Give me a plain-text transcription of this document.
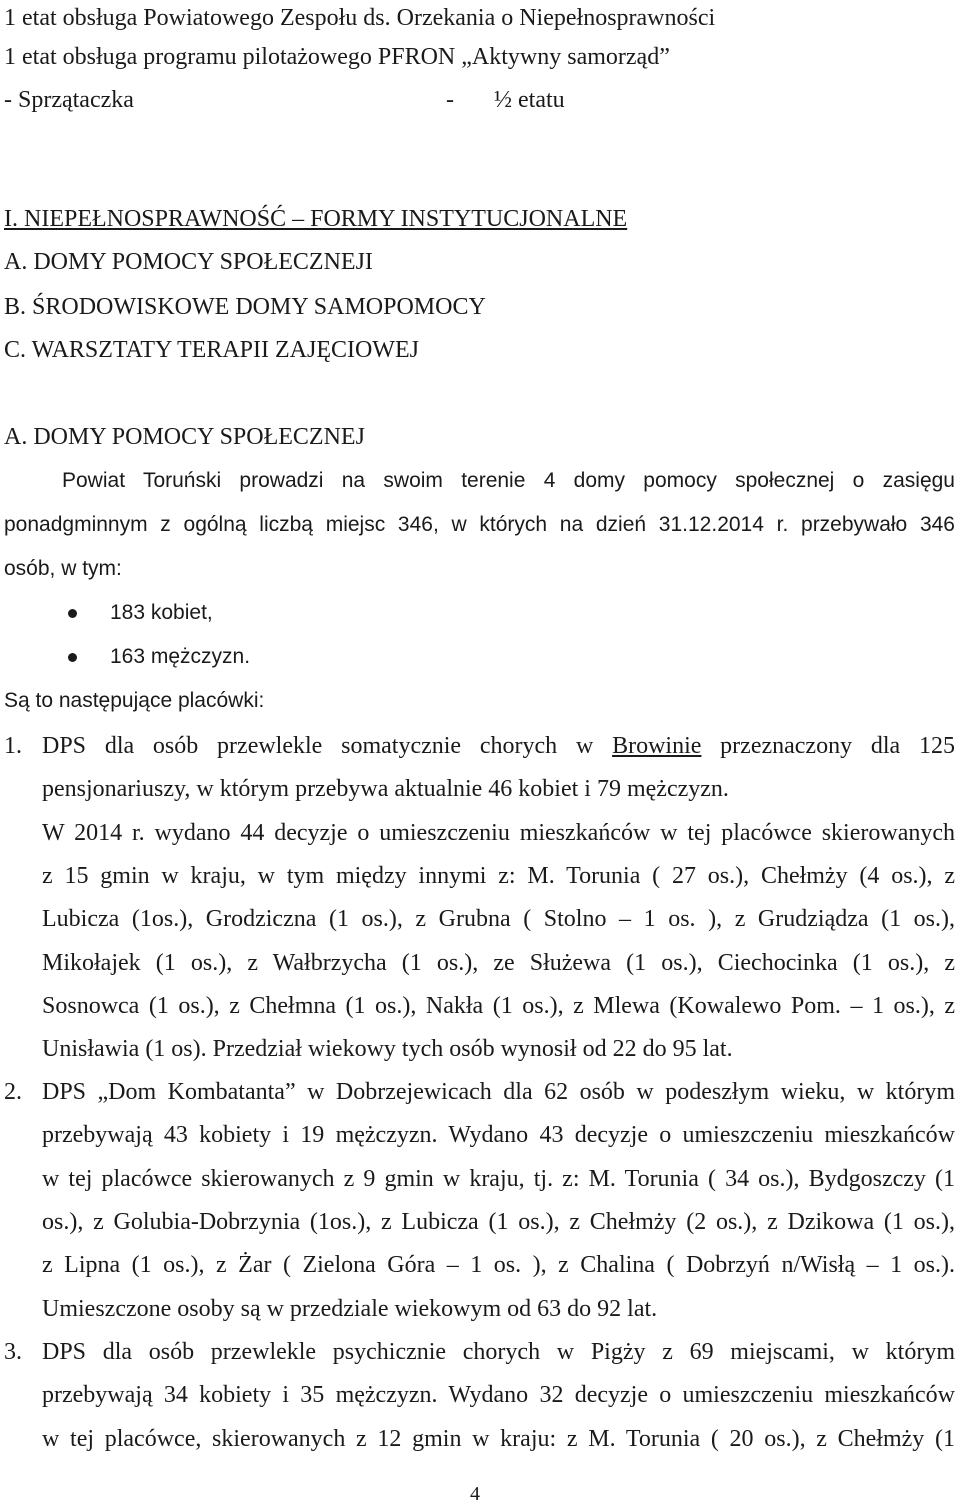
1 etat obsługa Powiatowego Zespołu ds. Orzekania o Niepełnosprawności
1 etat obsługa programu pilotażowego PFRON „Aktywny samorząd”
- Sprzątaczka	- ½ etatu
I. NIEPEŁNOSPRAWNOŚĆ – FORMY INSTYTUCJONALNE
A. DOMY POMOCY SPOŁECZNEJI
B. ŚRODOWISKOWE DOMY SAMOPOMOCY
C. WARSZTATY TERAPII ZAJĘCIOWEJ
A. DOMY POMOCY SPOŁECZNEJ
Powiat Toruński prowadzi na swoim terenie 4 domy pomocy społecznej o zasięgu
ponadgminnym z ogólną liczbą miejsc 346, w których na dzień 31.12.2014 r. przebywało 346
osób, w tym:
183 kobiet,
163 mężczyzn.
Są to następujące placówki:
1. DPS dla osób przewlekle somatycznie chorych w Browinie przeznaczony dla 125
pensjonariuszy, w którym przebywa aktualnie 46 kobiet i 79 mężczyzn.
W 2014 r. wydano 44 decyzje o umieszczeniu mieszkańców w tej placówce skierowanych
z 15 gmin w kraju, w tym między innymi z: M. Torunia ( 27 os.), Chełmży (4 os.), z
Lubicza (1os.), Grodziczna (1 os.), z Grubna ( Stolno – 1 os. ), z Grudziądza (1 os.),
Mikołajek (1 os.), z Wałbrzycha (1 os.), ze Służewa (1 os.), Ciechocinka (1 os.), z
Sosnowca (1 os.), z Chełmna (1 os.), Nakła (1 os.), z Mlewa (Kowalewo Pom. – 1 os.), z
Unisławia (1 os). Przedział wiekowy tych osób wynosił od 22 do 95 lat.
2. DPS „Dom Kombatanta” w Dobrzejewicach dla 62 osób w podeszłym wieku, w którym
przebywają 43 kobiety i 19 mężczyzn. Wydano 43 decyzje o umieszczeniu mieszkańców
w tej placówce skierowanych z 9 gmin w kraju, tj. z: M. Torunia ( 34 os.), Bydgoszczy (1
os.), z Golubia-Dobrzynia (1os.), z Lubicza (1 os.), z Chełmży (2 os.), z Dzikowa (1 os.),
z Lipna (1 os.), z Żar ( Zielona Góra – 1 os. ), z Chalina ( Dobrzyń n/Wisłą – 1 os.).
Umieszczone osoby są w przedziale wiekowym od 63 do 92 lat.
3. DPS dla osób przewlekle psychicznie chorych w Pigży z 69 miejscami, w którym
przebywają 34 kobiety i 35 mężczyzn. Wydano 32 decyzje o umieszczeniu mieszkańców
w tej placówce, skierowanych z 12 gmin w kraju: z M. Torunia ( 20 os.), z Chełmży (1
4
